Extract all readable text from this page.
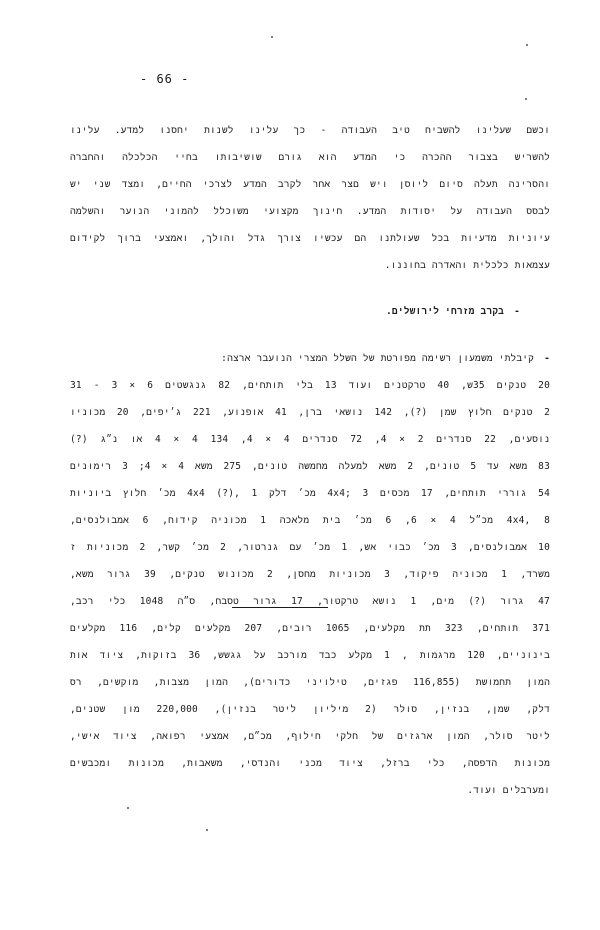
- 66 -
וכשם שעלינו להשביח טיב העבודה - כך עלינו לשנות יחסנו למדע. עלינו
להשריש בצבור ההכרה כי המדע הוא גורם שושיבותו בחיי הכלכלה והחברה
והסרינה תעלה סיום ליוסן ויש םצר אחר לקרב המדע לצרכי החיים, ומצד שני יש
לבסס העבודה על יסודות המדע. חינוך מקצועי משוכלל להמוני הנוער והשלמה
עיוניות מדעיות בכל שעולתנו הם עכשיו צורך גדל והולך, ואמצעי ברוך לקידום
עצמאות כלכלית והאדרה בחוננו.
-בקרב מזרחי לירושלים.
-קיבלתי משמעון רשימה מפורטת של השלל המצרי הנועבר ארצה:
20 טנקים 35ש, 40 טרקטנים ועוד 13 בלי תותחים, 82 גנגשטים 6 × 3 - 31
2 טנקים חלוץ שמן (?), 142 נושאי ברן, 41 אופנוע, 221 ג׳יפים, 20 מכוניו
נוסעים, 22 סנדרים 2 × 4, 72 סנדרים 4 × 4, 134 4 × 4 או נ״ג (?)
83 משא עד 5 טונים, 2 משא למעלה מחמשה טונים, 275 משא 4 × 4; 3 רימונים
54 גוררי תותחים, 17 מכסים 4x4; 3 מכ׳ דלק 4x4 (?), 1 מכ׳ חלוץ ביוניות
4x4, 8 מכ״ל 4 × 6, 6 מכ׳ בית מלאכה 1 מכוניה קידוח, 6 אמבולנסים,
10 אמבולנסים, 3 מכ׳ כבוי אש, 1 מכ׳ עם גנרטור, 2 מכ׳ קשר, 2 מכוניות ז
משרד, 1 מכוניה פיקוד, 3 מכוניות מחסן, 2 מכונוש טנקים, 39 גרור משא,
47 גרור (?) מים, 1 נושא טרקטור, 17 גרור טסבח, ס״ה 1048 כלי רכב,
371 תותחים, 323 תת מקלעים, 1065 רובים, 207 מקלעים קלים, 116 מקלעים
בינוניים, 120 מרגמות , 1 מקלע כבד מורכב על גגשש, 36 בזוקות, ציוד אות
המון תחמושת (116,855 פגזים, טילויני כדורים), המון מצבות, מוקשים, רס
דלק, שמן, בנזין, סולר (2 מיליון ליטר בנזין), 220,000 מון שטנים,
ליטר סולר, המון ארגזים של חלקי חילוף, מכ״ם, אמצעי רפואה, ציוד אישי,
מכונות הדפסה, כלי ברזל, ציוד מכני והנדסי, משאבות, מכונות ומכבשים
ומערבלים ועוד.
